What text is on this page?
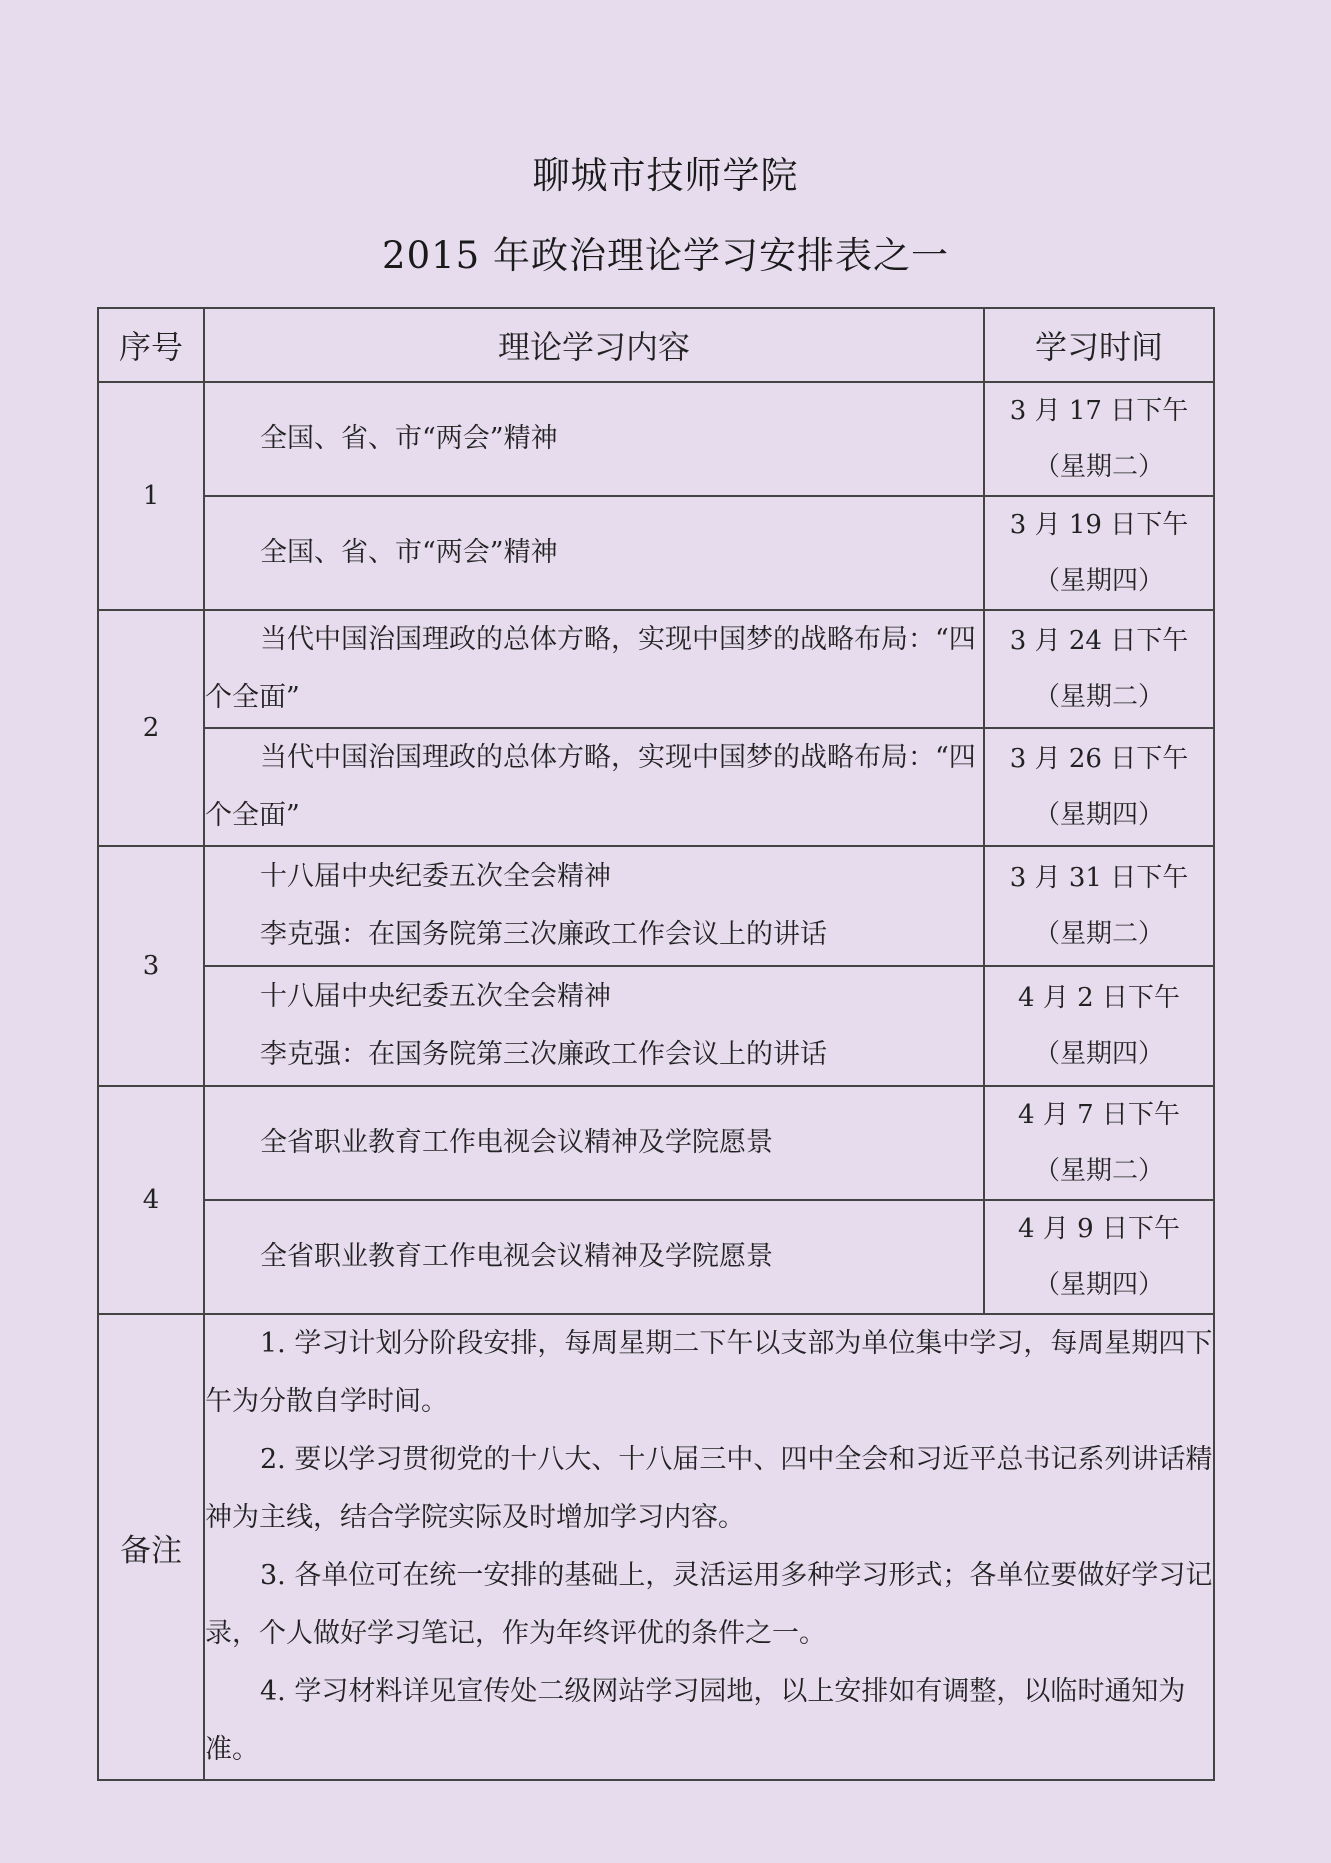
聊城市技师学院
2015 年政治理论学习安排表之一
序号	理论学习内容	学习时间
1	全国、省、市“两会”精神	3 月 17 日下午
（星期二）

	全国、省、市“两会”精神	3 月 19 日下午
（星期四）

2	当代中国治国理政的总体方略，实现中国梦的战略布局：“四个全面”	3 月 24 日下午
（星期二）

	当代中国治国理政的总体方略，实现中国梦的战略布局：“四个全面”	3 月 26 日下午
（星期四）

3	十八届中央纪委五次全会精神
李克强：在国务院第三次廉政工作会议上的讲话	3 月 31 日下午
（星期二）

	十八届中央纪委五次全会精神
李克强：在国务院第三次廉政工作会议上的讲话	4 月 2 日下午
（星期四）

4	全省职业教育工作电视会议精神及学院愿景	4 月 7 日下午
（星期二）

	全省职业教育工作电视会议精神及学院愿景	4 月 9 日下午
（星期四）

备注	1. 学习计划分阶段安排，每周星期二下午以支部为单位集中学习，每周星期四下午为分散自学时间。

2. 要以学习贯彻党的十八大、十八届三中、四中全会和习近平总书记系列讲话精神为主线，结合学院实际及时增加学习内容。

3. 各单位可在统一安排的基础上，灵活运用多种学习形式；各单位要做好学习记录，个人做好学习笔记，作为年终评优的条件之一。

4. 学习材料详见宣传处二级网站学习园地，以上安排如有调整，以临时通知为准。	
